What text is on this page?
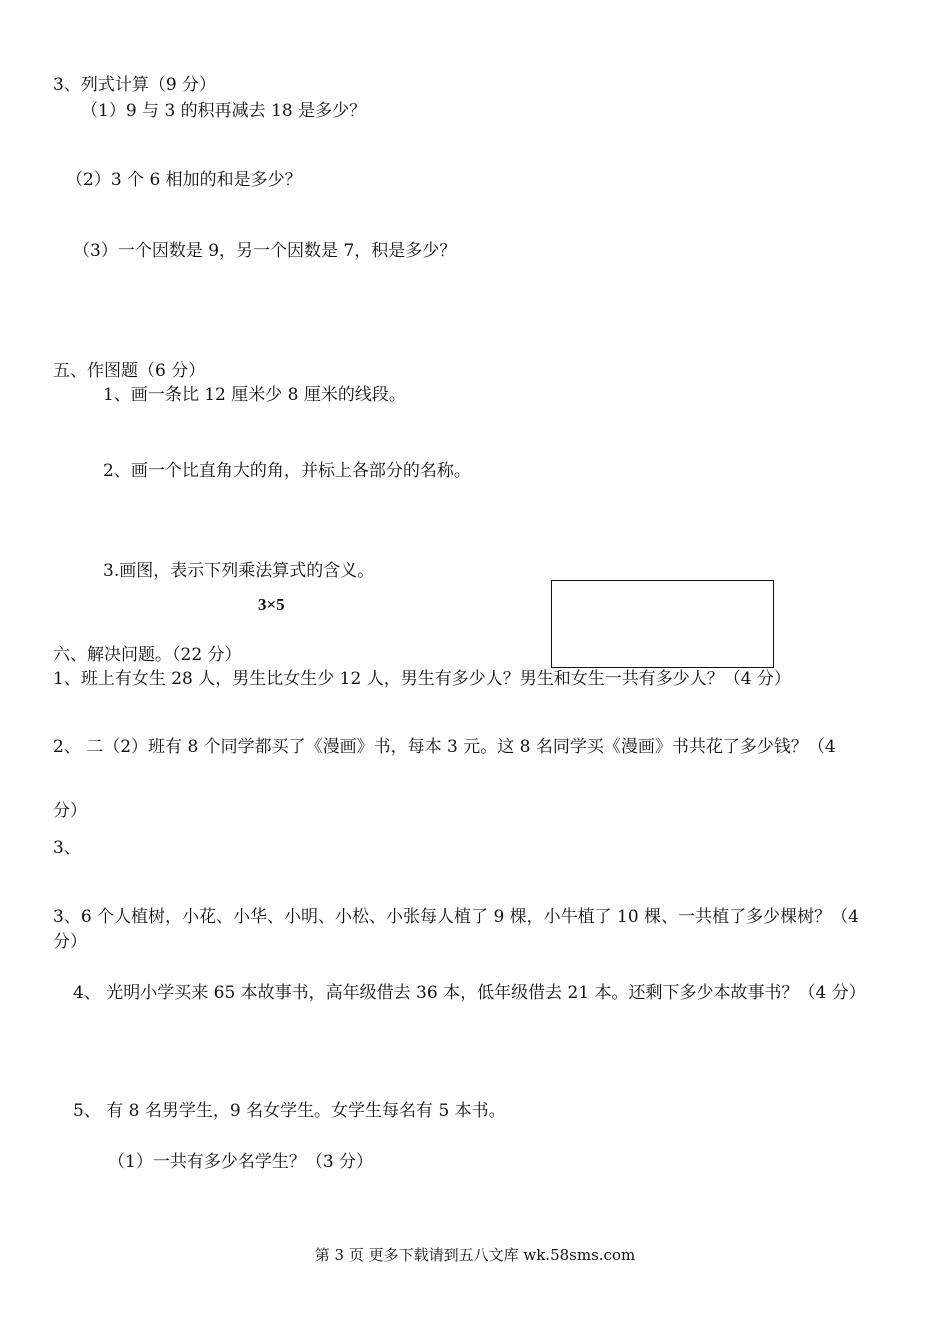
3、列式计算（9 分）
（1）9 与 3 的积再减去 18 是多少？
（2）3 个 6 相加的和是多少？
（3）一个因数是 9，另一个因数是 7，积是多少？
五、作图题（6 分）
1、画一条比 12 厘米少 8 厘米的线段。
2、画一个比直角大的角，并标上各部分的名称。
3.画图，表示下列乘法算式的含义。
3×5
六、解决问题。（22 分）
1、班上有女生 28 人，男生比女生少 12 人，男生有多少人？男生和女生一共有多少人？（4 分）
2、 二（2）班有 8 个同学都买了《漫画》书，每本 3 元。这 8 名同学买《漫画》书共花了多少钱？（4
分）
3、
3、6 个人植树，小花、小华、小明、小松、小张每人植了 9 棵，小牛植了 10 棵、一共植了多少棵树？（4
分）
4、 光明小学买来 65 本故事书，高年级借去 36 本，低年级借去 21 本。还剩下多少本故事书？（4 分）
5、 有 8 名男学生，9 名女学生。女学生每名有 5 本书。
（1）一共有多少名学生？（3 分）
第 3 页 更多下载请到五八文库 wk.58sms.com
